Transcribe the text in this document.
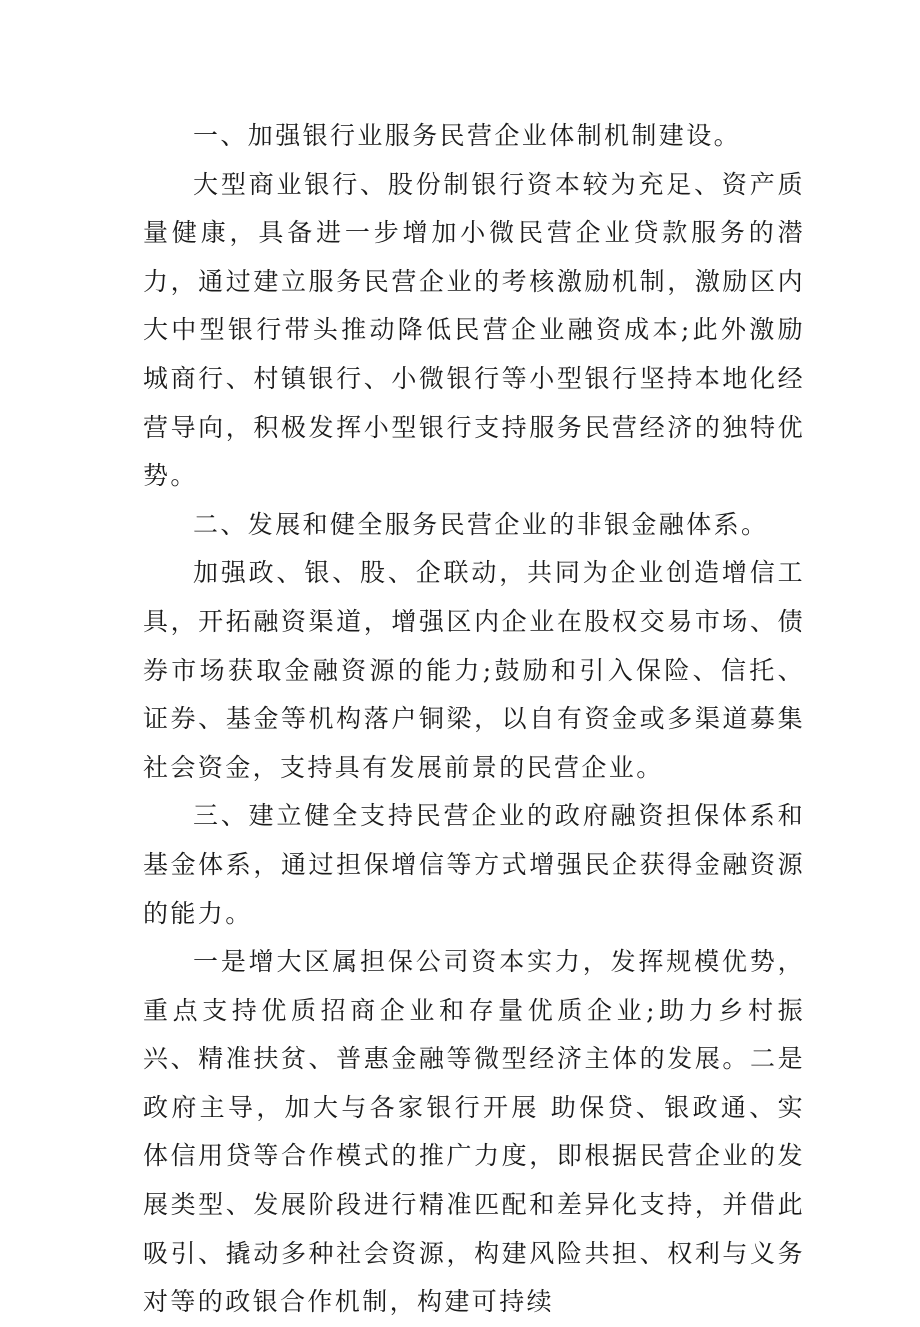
一、加强银行业服务民营企业体制机制建设。

大型商业银行、股份制银行资本较为充足、资产质量健康，具备进一步增加小微民营企业贷款服务的潜力，通过建立服务民营企业的考核激励机制，激励区内大中型银行带头推动降低民营企业融资成本;此外激励城商行、村镇银行、小微银行等小型银行坚持本地化经营导向，积极发挥小型银行支持服务民营经济的独特优势。

二、发展和健全服务民营企业的非银金融体系。

加强政、银、股、企联动，共同为企业创造增信工具，开拓融资渠道，增强区内企业在股权交易市场、债券市场获取金融资源的能力;鼓励和引入保险、信托、证券、基金等机构落户铜梁，以自有资金或多渠道募集社会资金，支持具有发展前景的民营企业。

三、建立健全支持民营企业的政府融资担保体系和基金体系，通过担保增信等方式增强民企获得金融资源的能力。

一是增大区属担保公司资本实力，发挥规模优势，重点支持优质招商企业和存量优质企业;助力乡村振兴、精准扶贫、普惠金融等微型经济主体的发展。二是政府主导，加大与各家银行开展 助保贷、银政通、实体信用贷等合作模式的推广力度，即根据民营企业的发展类型、发展阶段进行精准匹配和差异化支持，并借此吸引、撬动多种社会资源，构建风险共担、权利与义务对等的政银合作机制，构建可持续
